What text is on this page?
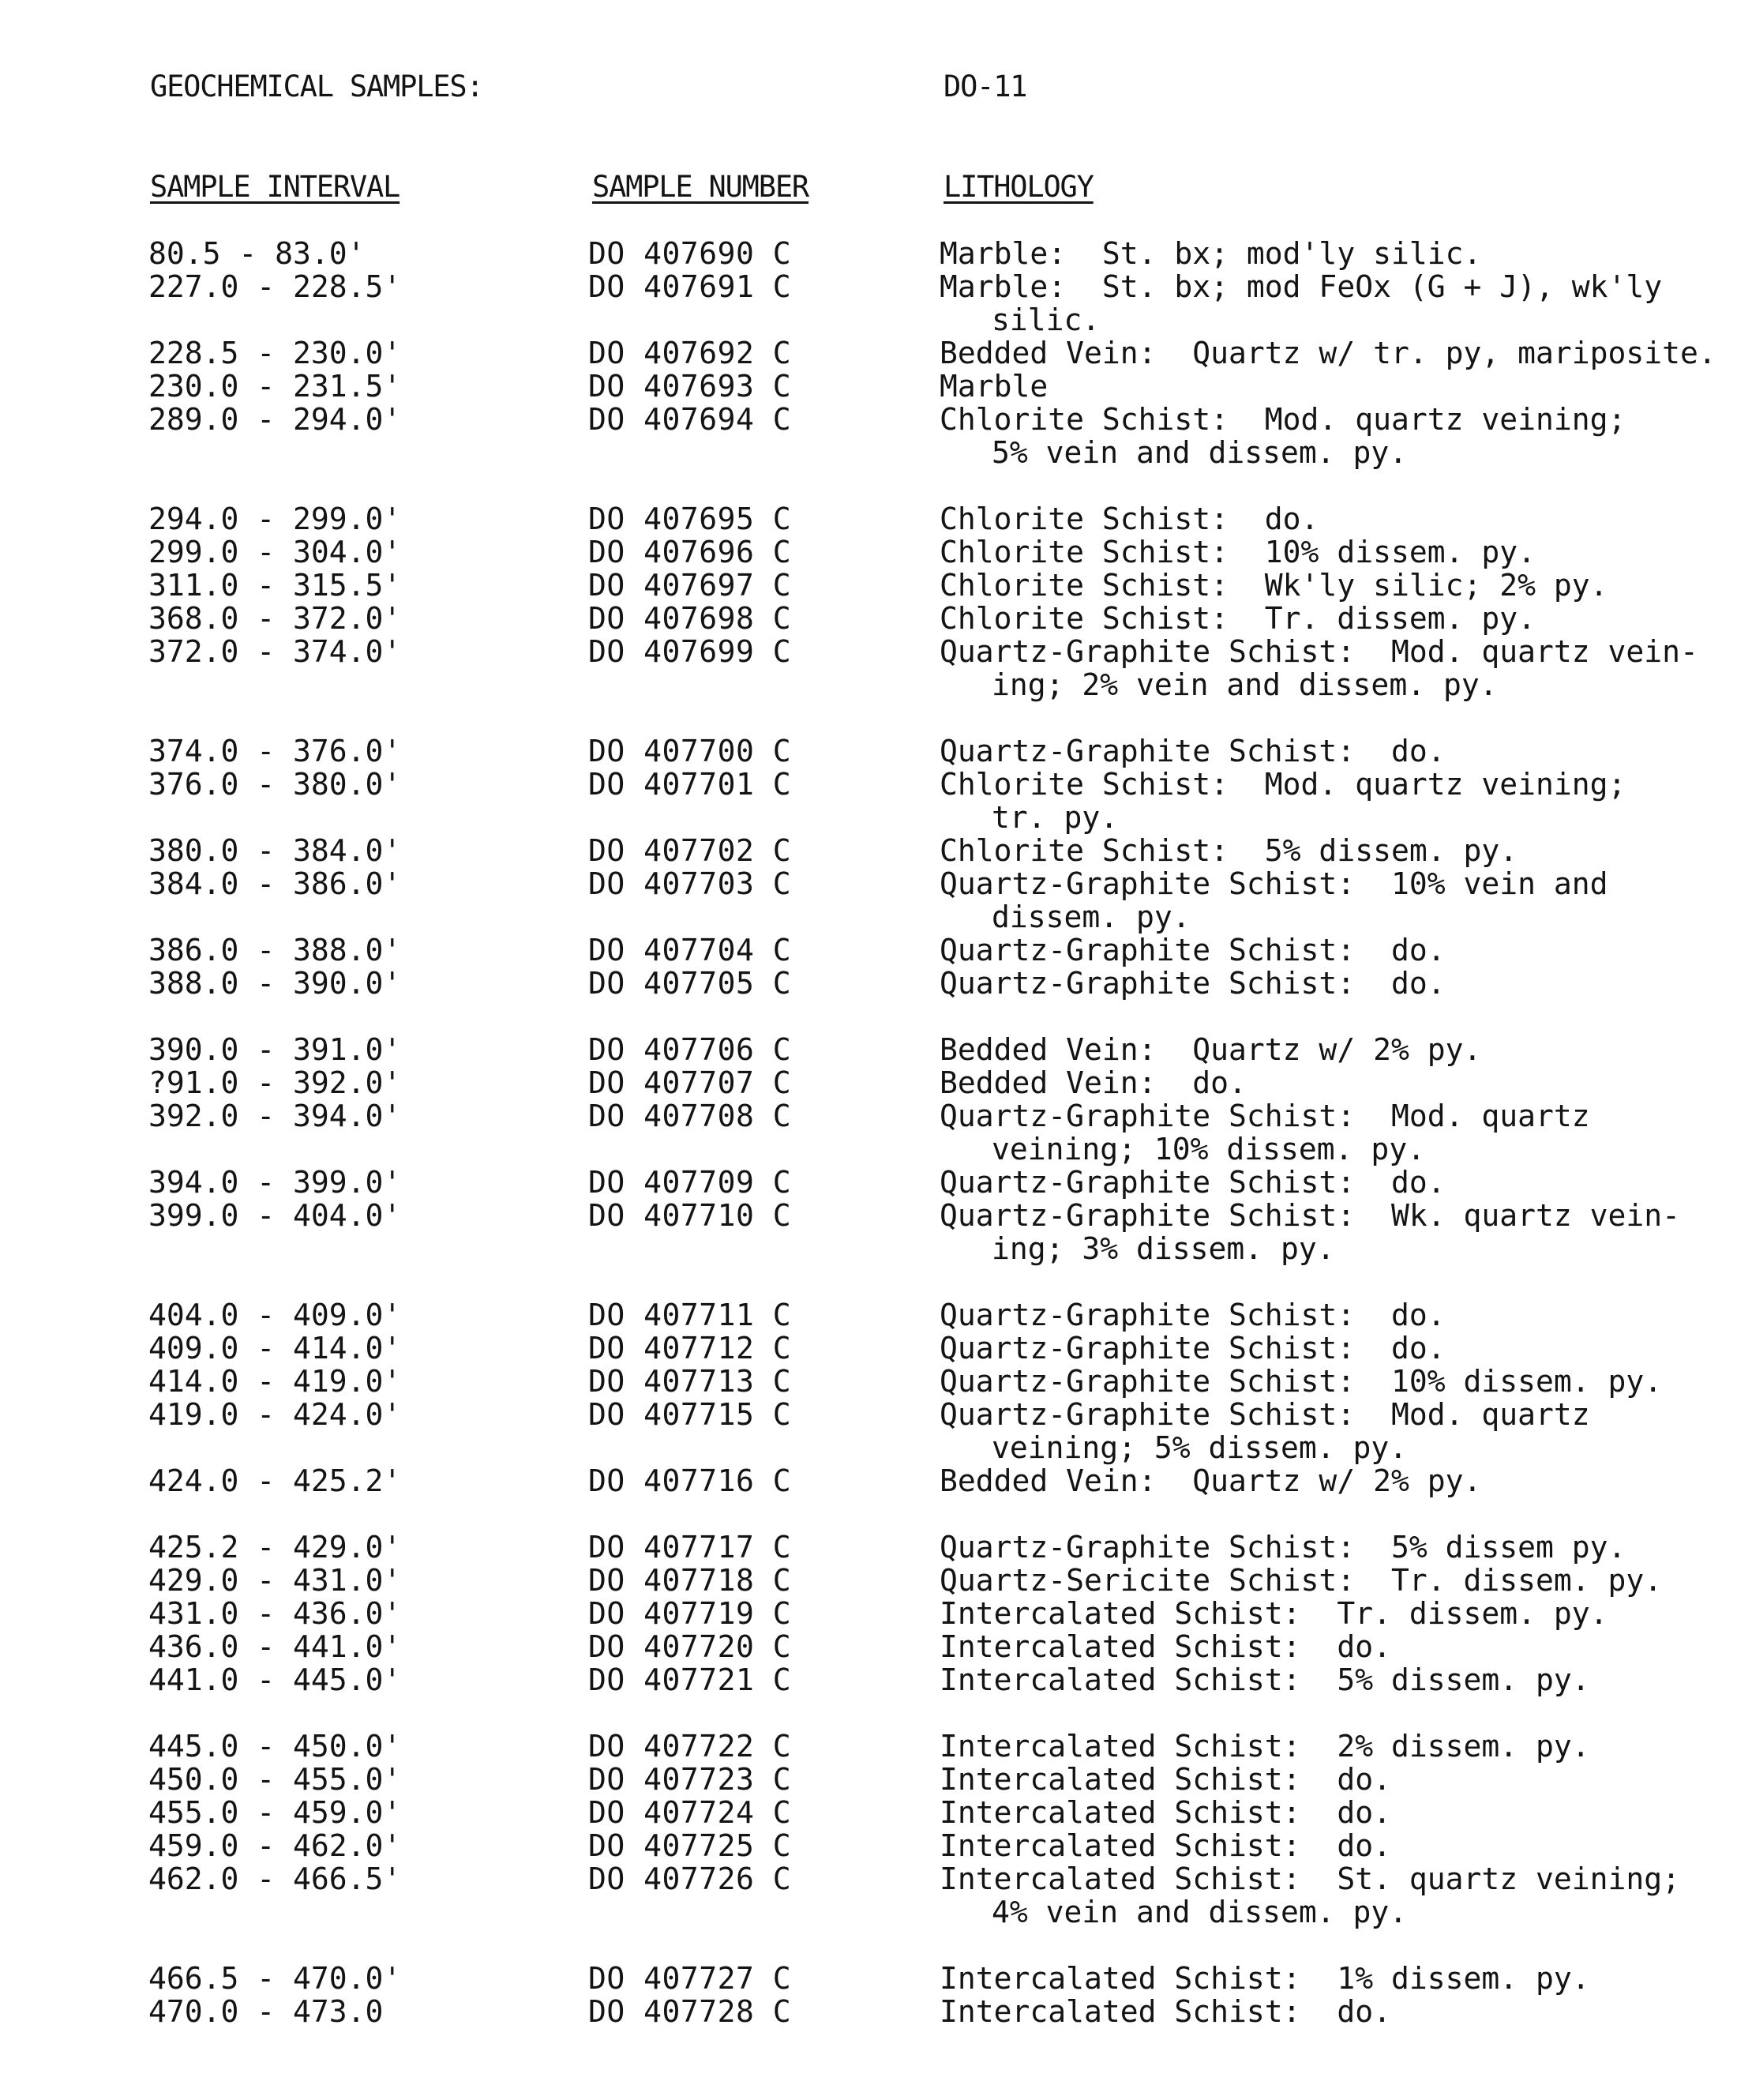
GEOCHEMICAL SAMPLES:	DO-11
SAMPLE INTERVAL	SAMPLE NUMBER	LITHOLOGY
80.5 - 83.0'	DO 407690 C	Marble:  St. bx; mod'ly silic.
227.0 - 228.5'	DO 407691 C	Marble:  St. bx; mod FeOx (G + J), wk'ly
silic.
228.5 - 230.0'	DO 407692 C	Bedded Vein:  Quartz w/ tr. py, mariposite.
230.0 - 231.5'	DO 407693 C	Marble
289.0 - 294.0'	DO 407694 C	Chlorite Schist:  Mod. quartz veining;
5% vein and dissem. py.
294.0 - 299.0'	DO 407695 C	Chlorite Schist:  do.
299.0 - 304.0'	DO 407696 C	Chlorite Schist:  10% dissem. py.
311.0 - 315.5'	DO 407697 C	Chlorite Schist:  Wk'ly silic; 2% py.
368.0 - 372.0'	DO 407698 C	Chlorite Schist:  Tr. dissem. py.
372.0 - 374.0'	DO 407699 C	Quartz-Graphite Schist:  Mod. quartz vein-
ing; 2% vein and dissem. py.
374.0 - 376.0'	DO 407700 C	Quartz-Graphite Schist:  do.
376.0 - 380.0'	DO 407701 C	Chlorite Schist:  Mod. quartz veining;
tr. py.
380.0 - 384.0'	DO 407702 C	Chlorite Schist:  5% dissem. py.
384.0 - 386.0'	DO 407703 C	Quartz-Graphite Schist:  10% vein and
dissem. py.
386.0 - 388.0'	DO 407704 C	Quartz-Graphite Schist:  do.
388.0 - 390.0'	DO 407705 C	Quartz-Graphite Schist:  do.
390.0 - 391.0'	DO 407706 C	Bedded Vein:  Quartz w/ 2% py.
?91.0 - 392.0'	DO 407707 C	Bedded Vein:  do.
392.0 - 394.0'	DO 407708 C	Quartz-Graphite Schist:  Mod. quartz
veining; 10% dissem. py.
394.0 - 399.0'	DO 407709 C	Quartz-Graphite Schist:  do.
399.0 - 404.0'	DO 407710 C	Quartz-Graphite Schist:  Wk. quartz vein-
ing; 3% dissem. py.
404.0 - 409.0'	DO 407711 C	Quartz-Graphite Schist:  do.
409.0 - 414.0'	DO 407712 C	Quartz-Graphite Schist:  do.
414.0 - 419.0'	DO 407713 C	Quartz-Graphite Schist:  10% dissem. py.
419.0 - 424.0'	DO 407715 C	Quartz-Graphite Schist:  Mod. quartz
veining; 5% dissem. py.
424.0 - 425.2'	DO 407716 C	Bedded Vein:  Quartz w/ 2% py.
425.2 - 429.0'	DO 407717 C	Quartz-Graphite Schist:  5% dissem py.
429.0 - 431.0'	DO 407718 C	Quartz-Sericite Schist:  Tr. dissem. py.
431.0 - 436.0'	DO 407719 C	Intercalated Schist:  Tr. dissem. py.
436.0 - 441.0'	DO 407720 C	Intercalated Schist:  do.
441.0 - 445.0'	DO 407721 C	Intercalated Schist:  5% dissem. py.
445.0 - 450.0'	DO 407722 C	Intercalated Schist:  2% dissem. py.
450.0 - 455.0'	DO 407723 C	Intercalated Schist:  do.
455.0 - 459.0'	DO 407724 C	Intercalated Schist:  do.
459.0 - 462.0'	DO 407725 C	Intercalated Schist:  do.
462.0 - 466.5'	DO 407726 C	Intercalated Schist:  St. quartz veining;
4% vein and dissem. py.
466.5 - 470.0'	DO 407727 C	Intercalated Schist:  1% dissem. py.
470.0 - 473.0	DO 407728 C	Intercalated Schist:  do.
